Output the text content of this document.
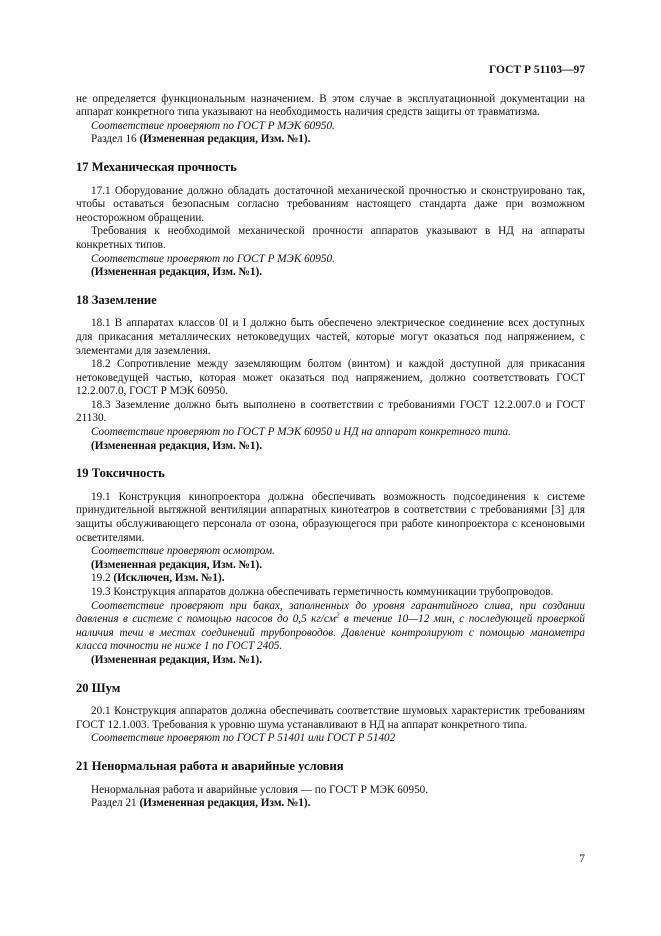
ГОСТ Р 51103—97

не определяется функциональным назначением. В этом случае в эксплуатационной документации на аппарат конкретного типа указывают на необходимость наличия средств защиты от травматизма.

Соответствие проверяют по ГОСТ Р МЭК 60950.

Раздел 16 (Измененная редакция, Изм. №1).

17 Механическая прочность

17.1 Оборудование должно обладать достаточной механической прочностью и сконструировано так, чтобы оставаться безопасным согласно требованиям настоящего стандарта даже при возможном неосторожном обращении.

Требования к необходимой механической прочности аппаратов указывают в НД на аппараты конкретных типов.

Соответствие проверяют по ГОСТ Р МЭК 60950.

(Измененная редакция, Изм. №1).

18 Заземление

18.1 В аппаратах классов 0I и I должно быть обеспечено электрическое соединение всех доступных для прикасания металлических нетоковедущих частей, которые могут оказаться под напряжением, с элементами для заземления.

18.2 Сопротивление между заземляющим болтом (винтом) и каждой доступной для прикасания нетоковедущей частью, которая может оказаться под напряжением, должно соответствовать ГОСТ 12.2.007.0, ГОСТ Р МЭК 60950.

18.3 Заземление должно быть выполнено в соответствии с требованиями ГОСТ 12.2.007.0 и ГОСТ 21130.

Соответствие проверяют по ГОСТ Р МЭК 60950 и НД на аппарат конкретного типа.

(Измененная редакция, Изм. №1).

19 Токсичность

19.1 Конструкция кинопроектора должна обеспечивать возможность подсоединения к системе принудительной вытяжной вентиляции аппаратных кинотеатров в соответствии с требованиями [3] для защиты обслуживающего персонала от озона, образующегося при работе кинопроектора с ксеноновыми осветителями.

Соответствие проверяют осмотром.

(Измененная редакция, Изм. №1).

19.2 (Исключен, Изм. №1).

19.3 Конструкция аппаратов должна обеспечивать герметичность коммуникации трубопроводов.

Соответствие проверяют при баках, заполненных до уровня гарантийного слива, при создании давления в системе с помощью насосов до 0,5 $кг/см^2$ в течение 10—12 мин, с последующей проверкой наличия течи в местах соединений трубопроводов. Давление контролируют с помощью манометра класса точности не ниже 1 по ГОСТ 2405.

(Измененная редакция, Изм. №1).

20 Шум

20.1 Конструкция аппаратов должна обеспечивать соответствие шумовых характеристик требованиям ГОСТ 12.1.003. Требования к уровню шума устанавливают в НД на аппарат конкретного типа.

Соответствие проверяют по ГОСТ Р 51401 или ГОСТ Р 51402

21 Ненормальная работа и аварийные условия

Ненормальная работа и аварийные условия — по ГОСТ Р МЭК 60950.

Раздел 21 (Измененная редакция, Изм. №1).

7
